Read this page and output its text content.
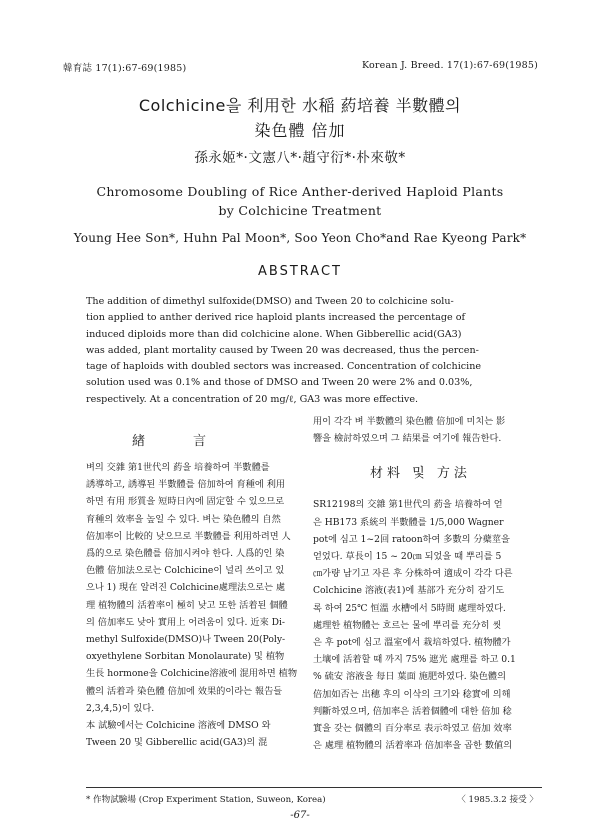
韓育誌 17(1):67-69(1985)	Korean J. Breed. 17(1):67-69(1985)
Colchicine을 利用한 水稲 葯培養 半數體의
染色體 倍加
孫永姬*·文憲八*·趙守衍*·朴來敬*
Chromosome Doubling of Rice Anther-derived Haploid Plants
by Colchicine Treatment
Young Hee Son*, Huhn Pal Moon*, Soo Yeon Cho*and Rae Kyeong Park*
ABSTRACT
The addition of dimethyl sulfoxide(DMSO) and Tween 20 to colchicine solu-
tion applied to anther derived rice haploid plants increased the percentage of
induced diploids more than did colchicine alone. When Gibberellic acid(GA3)
was added, plant mortality caused by Tween 20 was decreased, thus the percen-
tage of haploids with doubled sectors was increased. Concentration of colchicine
solution used was 0.1% and those of DMSO and Tween 20 were 2% and 0.03%,
respectively. At a concentration of 20 mg/ℓ, GA3 was more effective.
緖	言
벼의 交雜 第1世代의 葯을 培養하여 半數體를
誘導하고, 誘導된 半數體를 倍加하여 育種에 利用
하면 有用 形質을 短時日內에 固定할 수 있으므로
育種의 效率을 높일 수 있다. 벼는 染色體의 自然
倍加率이 比較的 낮으므로 半數體를 利用하려면 人
爲的으로 染色體를 倍加시켜야 한다. 人爲的인 染
色體 倍加法으로는 Colchicine이 널리 쓰이고 있
으나 1) 現在 알려진 Colchicine處理法으로는 處
理 植物體의 活着率이 極히 낮고 또한 活着된 個體
의 倍加率도 낮아 實用上 어려움이 있다. 近來 Di-
methyl Sulfoxide(DMSO)나 Tween 20(Poly-
oxyethylene Sorbitan Monolaurate) 및 植物
生長 hormone을 Colchicine溶液에 混用하면 植物
體의 活着과 染色體 倍加에 效果的이라는 報告들
2,3,4,5)이 있다.
本 試驗에서는 Colchicine 溶液에 DMSO 와
Tween 20 및 Gibberellic acid(GA3)의 混
用이 각각 벼 半數體의 染色體 倍加에 미치는 影
響을 檢討하였으며 그 結果를 여기에 報告한다.
SR12198의 交雜 第1世代의 葯을 培養하여 얻
은 HB173 系統의 半數體를 1/5,000 Wagner
pot에 심고 1~2回 ratoon하여 多數의 分蘗莖을
얻었다. 草長이 15 ~ 20㎝ 되었을 때 뿌리를 5
㎝가량 남기고 자른 후 分株하여 適成이 각각 다른
Colchicine 溶液(表1)에 基部가 充分히 잠기도
록 하여 25℃ 恒溫 水槽에서 5時間 處理하였다.
處理한 植物體는 흐르는 물에 뿌리를 充分히 씻
은 후 pot에 심고 溫室에서 栽培하였다. 植物體가
土壤에 活着할 때 까지 75% 遮光 處理를 하고 0.1
% 硫安 溶液을 每日 葉面 施肥하였다. 染色體의
倍加如否는 出穗 후의 이삭의 크기와 稔實에 의해
判斷하였으며, 倍加率은 活着個體에 대한 倍加 稔
實을 갖는 個體의 百分率로 表示하였고 倍加 效率
은 處理 植物體의 活着率과 倍加率을 곱한 數値의
材料 및 方法
* 作物試驗場 (Crop Experiment Station, Suweon, Korea)	〈 1985.3.2 接受 〉
-67-
